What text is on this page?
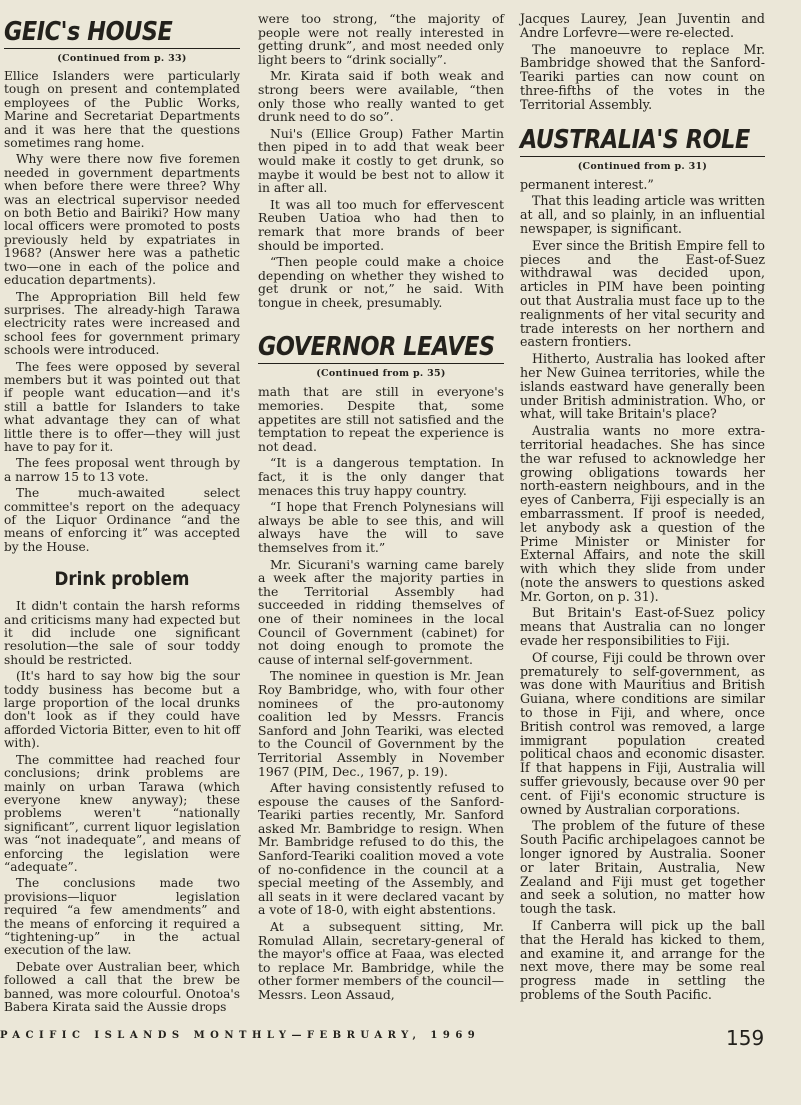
GEIC's HOUSE
(Continued from p. 33)

Ellice Islanders were particularly tough on present and contemplated employees of the Public Works, Marine and Secretariat Departments and it was here that the questions sometimes rang home.

Why were there now five foremen needed in government departments when before there were three? Why was an electrical supervisor needed on both Betio and Bairiki? How many local officers were promoted to posts previously held by expatriates in 1968? (Answer here was a pathetic two—one in each of the police and education departments).

The Appropriation Bill held few surprises. The already-high Tarawa electricity rates were increased and school fees for government primary schools were introduced.

The fees were opposed by several members but it was pointed out that if people want education—and it's still a battle for Islanders to take what advantage they can of what little there is to offer—they will just have to pay for it.

The fees proposal went through by a narrow 15 to 13 vote.

The much-awaited select committee's report on the adequacy of the Liquor Ordinance “and the means of enforcing it” was accepted by the House.

Drink problem

It didn't contain the harsh reforms and criticisms many had expected but it did include one significant resolution—the sale of sour toddy should be restricted.

(It's hard to say how big the sour toddy business has become but a large proportion of the local drunks don't look as if they could have afforded Victoria Bitter, even to hit off with).

The committee had reached four conclusions; drink problems are mainly on urban Tarawa (which everyone knew anyway); these problems weren't “nationally significant”, current liquor legislation was “not inadequate”, and means of enforcing the legislation were “adequate”.

The conclusions made two provisions—liquor legislation required “a few amendments” and the means of enforcing it required a “tightening-up” in the actual execution of the law.

Debate over Australian beer, which followed a call that the brew be banned, was more colourful. Onotoa's Babera Kirata said the Aussie drops

were too strong, “the majority of people were not really interested in getting drunk”, and most needed only light beers to “drink socially”.

Mr. Kirata said if both weak and strong beers were available, “then only those who really wanted to get drunk need to do so”.

Nui's (Ellice Group) Father Martin then piped in to add that weak beer would make it costly to get drunk, so maybe it would be best not to allow it in after all.

It was all too much for effervescent Reuben Uatioa who had then to remark that more brands of beer should be imported.

“Then people could make a choice depending on whether they wished to get drunk or not,” he said. With tongue in cheek, presumably.

GOVERNOR LEAVES
(Continued from p. 35)

math that are still in everyone's memories. Despite that, some appetites are still not satisfied and the temptation to repeat the experience is not dead.

“It is a dangerous temptation. In fact, it is the only danger that menaces this truy happy country.

“I hope that French Polynesians will always be able to see this, and will always have the will to save themselves from it.”

Mr. Sicurani's warning came barely a week after the majority parties in the Territorial Assembly had succeeded in ridding themselves of one of their nominees in the local Council of Government (cabinet) for not doing enough to promote the cause of internal self-government.

The nominee in question is Mr. Jean Roy Bambridge, who, with four other nominees of the pro-autonomy coalition led by Messrs. Francis Sanford and John Teariki, was elected to the Council of Government by the Territorial Assembly in November 1967 (PIM, Dec., 1967, p. 19).

After having consistently refused to espouse the causes of the Sanford-Teariki parties recently, Mr. Sanford asked Mr. Bambridge to resign. When Mr. Bambridge refused to do this, the Sanford-Teariki coalition moved a vote of no-confidence in the council at a special meeting of the Assembly, and all seats in it were declared vacant by a vote of 18-0, with eight abstentions.

At a subsequent sitting, Mr. Romulad Allain, secretary-general of the mayor's office at Faaa, was elected to replace Mr. Bambridge, while the other former members of the council—Messrs. Leon Assaud,

Jacques Laurey, Jean Juventin and Andre Lorfevre—were re-elected.

The manoeuvre to replace Mr. Bambridge showed that the Sanford-Teariki parties can now count on three-fifths of the votes in the Territorial Assembly.

AUSTRALIA'S ROLE
(Continued from p. 31)

permanent interest.”

That this leading article was written at all, and so plainly, in an influential newspaper, is significant.

Ever since the British Empire fell to pieces and the East-of-Suez withdrawal was decided upon, articles in PIM have been pointing out that Australia must face up to the realignments of her vital security and trade interests on her northern and eastern frontiers.

Hitherto, Australia has looked after her New Guinea territories, while the islands eastward have generally been under British administration. Who, or what, will take Britain's place?

Australia wants no more extra-territorial headaches. She has since the war refused to acknowledge her growing obligations towards her north-eastern neighbours, and in the eyes of Canberra, Fiji especially is an embarrassment. If proof is needed, let anybody ask a question of the Prime Minister or Minister for External Affairs, and note the skill with which they slide from under (note the answers to questions asked Mr. Gorton, on p. 31).

But Britain's East-of-Suez policy means that Australia can no longer evade her responsibilities to Fiji.

Of course, Fiji could be thrown over prematurely to self-government, as was done with Mauritius and British Guiana, where conditions are similar to those in Fiji, and where, once British control was removed, a large immigrant population created political chaos and economic disaster. If that happens in Fiji, Australia will suffer grievously, because over 90 per cent. of Fiji's economic structure is owned by Australian corporations.

The problem of the future of these South Pacific archipelagoes cannot be longer ignored by Australia. Sooner or later Britain, Australia, New Zealand and Fiji must get together and seek a solution, no matter how tough the task.

If Canberra will pick up the ball that the Herald has kicked to them, and examine it, and arrange for the next move, there may be some real progress made in settling the problems of the South Pacific.

PACIFIC ISLANDS MONTHLY—FEBRUARY, 1969	159
